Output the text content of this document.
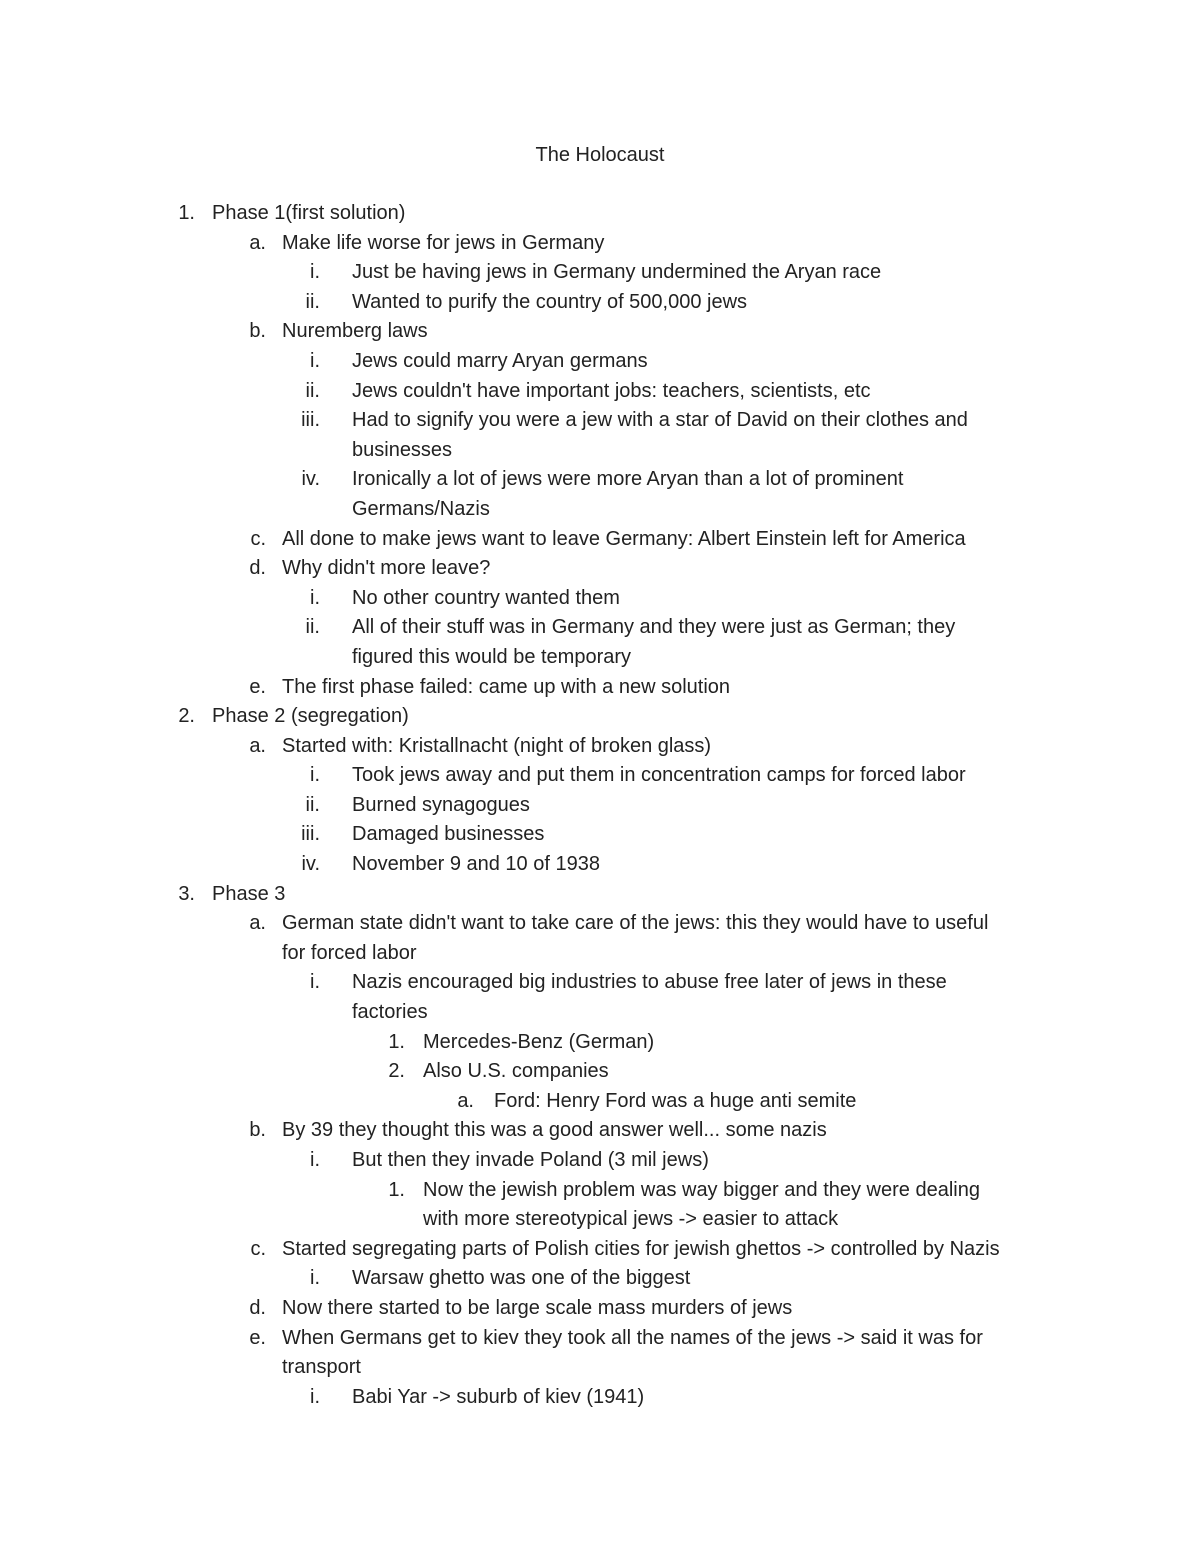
The Holocaust
1. Phase 1(first solution)
a. Make life worse for jews in Germany
i. Just be having jews in Germany undermined the Aryan race
ii. Wanted to purify the country of 500,000 jews
b. Nuremberg laws
i. Jews could marry Aryan germans
ii. Jews couldn't have important jobs: teachers, scientists, etc
iii. Had to signify you were a jew with a star of David on their clothes and
businesses
iv. Ironically a lot of jews were more Aryan than a lot of prominent
Germans/Nazis
c. All done to make jews want to leave Germany: Albert Einstein left for America
d. Why didn't more leave?
i. No other country wanted them
ii. All of their stuff was in Germany and they were just as German; they
figured this would be temporary
e. The first phase failed: came up with a new solution
2. Phase 2 (segregation)
a. Started with: Kristallnacht (night of broken glass)
i. Took jews away and put them in concentration camps for forced labor
ii. Burned synagogues
iii. Damaged businesses
iv. November 9 and 10 of 1938
3. Phase 3
a. German state didn't want to take care of the jews: this they would have to useful
for forced labor
i. Nazis encouraged big industries to abuse free later of jews in these
factories
1. Mercedes-Benz (German)
2. Also U.S. companies
a. Ford: Henry Ford was a huge anti semite
b. By 39 they thought this was a good answer well... some nazis
i. But then they invade Poland (3 mil jews)
1. Now the jewish problem was way bigger and they were dealing
with more stereotypical jews -> easier to attack
c. Started segregating parts of Polish cities for jewish ghettos -> controlled by Nazis
i. Warsaw ghetto was one of the biggest
d. Now there started to be large scale mass murders of jews
e. When Germans get to kiev they took all the names of the jews -> said it was for
transport
i. Babi Yar -> suburb of kiev (1941)
